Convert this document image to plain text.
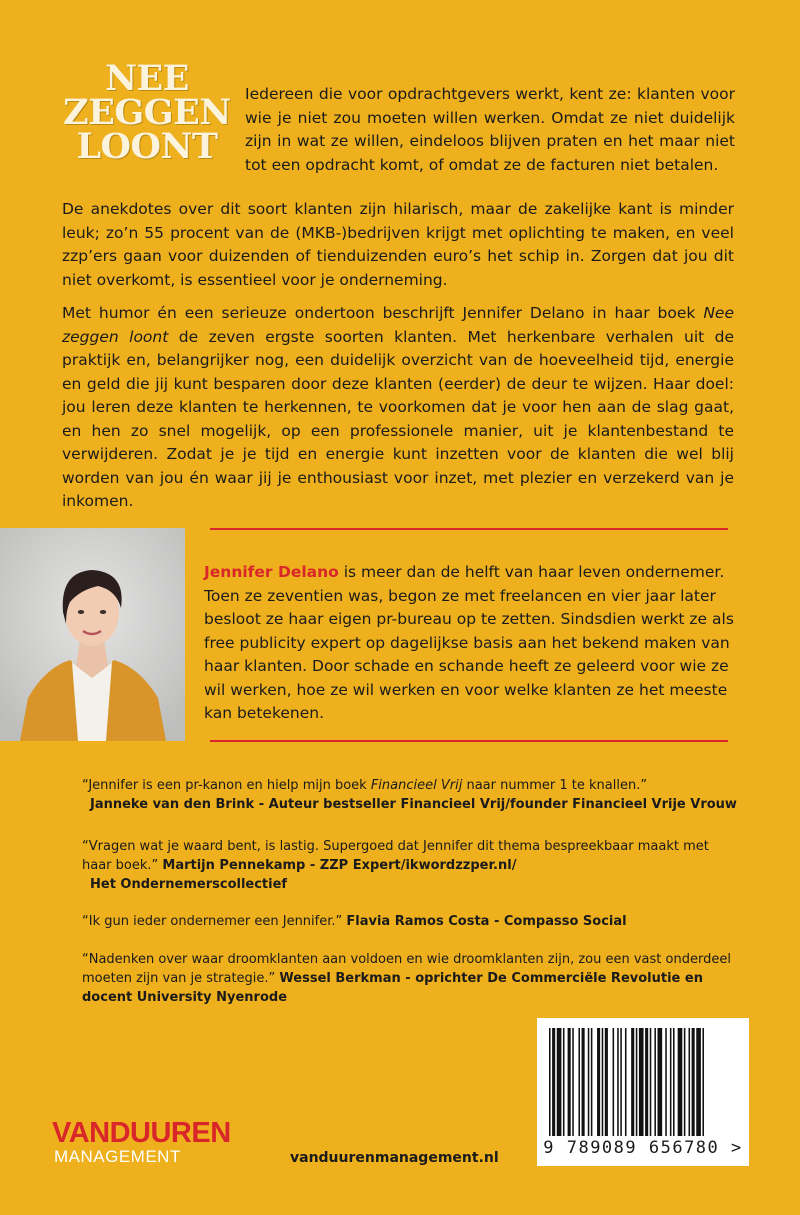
NEE
ZEGGEN
LOONT

Iedereen die voor opdrachtgevers werkt, kent ze: klanten voor wie je niet zou moeten willen werken. Omdat ze niet duidelijk zijn in wat ze willen, eindeloos blijven praten en het maar niet tot een opdracht komt, of omdat ze de facturen niet betalen.

De anekdotes over dit soort klanten zijn hilarisch, maar de zakelijke kant is minder leuk; zo’n 55 procent van de (MKB-)bedrijven krijgt met oplichting te maken, en veel zzp’ers gaan voor duizenden of tienduizenden euro’s het schip in. Zorgen dat jou dit niet overkomt, is essentieel voor je onderneming.

Met humor én een serieuze ondertoon beschrijft Jennifer Delano in haar boek Nee zeggen loont de zeven ergste soorten klanten. Met herkenbare verhalen uit de praktijk en, belangrijker nog, een duidelijk overzicht van de hoeveelheid tijd, energie en geld die jij kunt besparen door deze klanten (eerder) de deur te wijzen. Haar doel: jou leren deze klanten te herkennen, te voorkomen dat je voor hen aan de slag gaat, en hen zo snel mogelijk, op een professionele manier, uit je klantenbestand te verwijderen. Zodat je je tijd en energie kunt inzetten voor de klanten die wel blij worden van jou én waar jij je enthousiast voor inzet, met plezier en verzekerd van je inkomen.

Jennifer Delano is meer dan de helft van haar leven ondernemer. Toen ze zeventien was, begon ze met freelancen en vier jaar later besloot ze haar eigen pr-bureau op te zetten. Sindsdien werkt ze als free publicity expert op dagelijkse basis aan het bekend maken van haar klanten. Door schade en schande heeft ze geleerd voor wie ze wil werken, hoe ze wil werken en voor welke klanten ze het meeste kan betekenen.

“Jennifer is een pr-kanon en hielp mijn boek Financieel Vrij naar nummer 1 te knallen.”
Janneke van den Brink - Auteur bestseller Financieel Vrij/founder Financieel Vrije Vrouw

“Vragen wat je waard bent, is lastig. Supergoed dat Jennifer dit thema bespreekbaar maakt met haar boek.” Martijn Pennekamp - ZZP Expert/ikwordzzper.nl/
Het Ondernemerscollectief

“Ik gun ieder ondernemer een Jennifer.” Flavia Ramos Costa - Compasso Social

“Nadenken over waar droomklanten aan voldoen en wie droomklanten zijn, zou een vast onderdeel moeten zijn van je strategie.” Wessel Berkman - oprichter De Commerciële Revolutie en docent University Nyenrode

9 789089 656780 >
VANDUUREN
MANAGEMENT	vanduurenmanagement.nl
